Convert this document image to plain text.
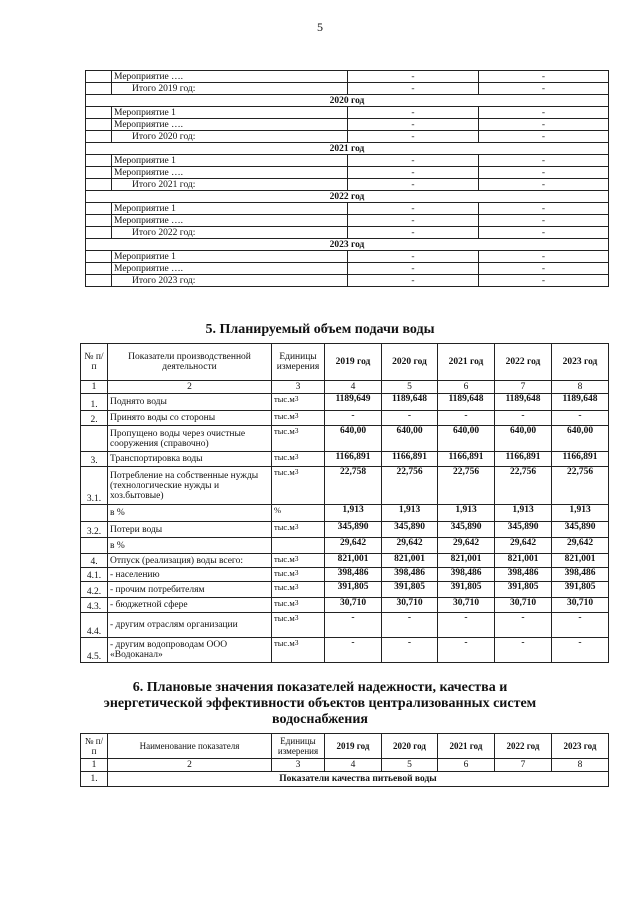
5
	Мероприятие ….	-	-
	Итого 2019 год:	-	-
2020 год			
	Мероприятие 1	-	-
	Мероприятие ….	-	-
	Итого 2020 год:	-	-
2021 год			
	Мероприятие 1	-	-
	Мероприятие ….	-	-
	Итого 2021 год:	-	-
2022 год			
	Мероприятие 1	-	-
	Мероприятие ….	-	-
	Итого 2022 год:	-	-
2023 год			
	Мероприятие 1	-	-
	Мероприятие ….	-	-
	Итого 2023 год:	-	-
5. Планируемый объем подачи воды
№ п/п	Показатели производственной деятельности	Единицы измерения	2019 год	2020 год	2021 год	2022 год	2023 год
1	2	3	4	5	6	7	8
1.	Поднято воды	тыс.м3	1189,649	1189,648	1189,648	1189,648	1189,648
2.	Принято воды со стороны	тыс.м3	-	-	-	-	-
	Пропущено воды через очистные сооружения (справочно)	тыс.м3	640,00	640,00	640,00	640,00	640,00
3.	Транспортировка воды	тыс.м3	1166,891	1166,891	1166,891	1166,891	1166,891
3.1.	Потребление на собственные нужды (технологические нужды и хоз.бытовые)	тыс.м3	22,758	22,756	22,756	22,756	22,756
	в %	%	1,913	1,913	1,913	1,913	1,913
3.2.	Потери воды	тыс.м3	345,890	345,890	345,890	345,890	345,890
	в %		29,642	29,642	29,642	29,642	29,642
4.	Отпуск (реализация) воды всего:	тыс.м3	821,001	821,001	821,001	821,001	821,001
4.1.	- населению	тыс.м3	398,486	398,486	398,486	398,486	398,486
4.2.	- прочим потребителям	тыс.м3	391,805	391,805	391,805	391,805	391,805
4.3.	- бюджетной сфере	тыс.м3	30,710	30,710	30,710	30,710	30,710
4.4.	- другим отраслям организации	тыс.м3	-	-	-	-	-
4.5.	- другим водопроводам ООО «Водоканал»	тыс.м3	-	-	-	-	-
6. Плановые значения показателей надежности, качества и энергетической эффективности объектов централизованных систем водоснабжения
№ п/п	Наименование показателя	Единицы измерения	2019 год	2020 год	2021 год	2022 год	2023 год
1	2	3	4	5	6	7	8
1.	Показатели качества питьевой воды						
